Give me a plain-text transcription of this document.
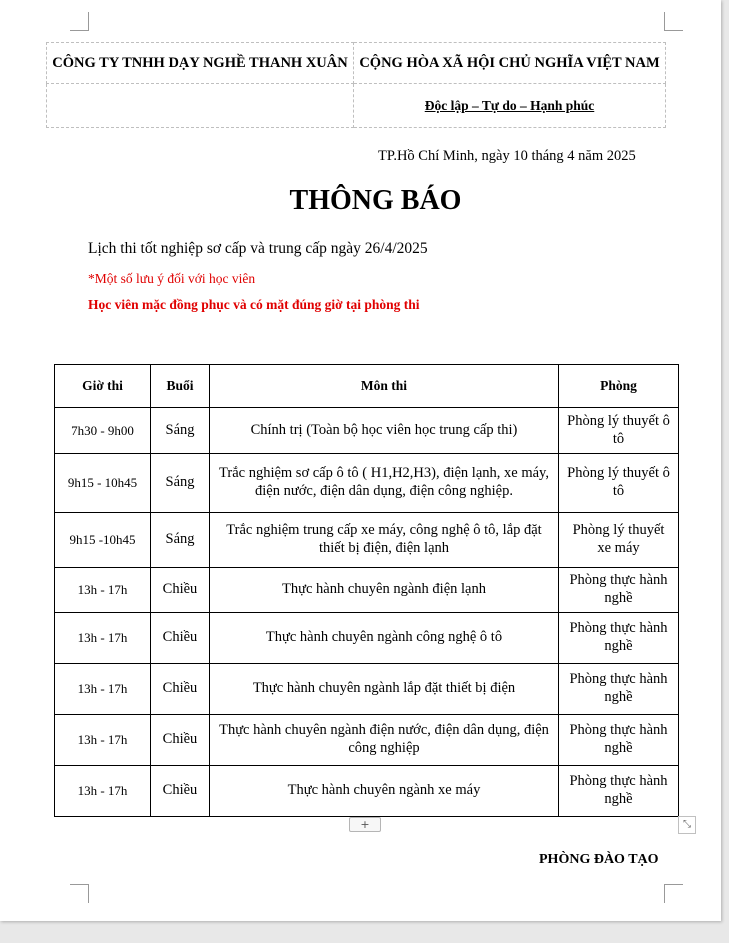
CÔNG TY TNHH DẠY NGHỀ THANH XUÂN	CỘNG HÒA XÃ HỘI CHỦ NGHĨA VIỆT NAM
	Độc lập – Tự do – Hạnh phúc
TP.Hồ Chí Minh, ngày 10 tháng 4 năm 2025
THÔNG BÁO
Lịch thi tốt nghiệp sơ cấp và trung cấp ngày 26/4/2025
*Một số lưu ý đối với học viên
Học viên mặc đồng phục và có mặt đúng giờ tại phòng thi
Giờ thi	Buổi	Môn thi	Phòng
7h30 - 9h00	Sáng	Chính trị (Toàn bộ học viên học trung cấp thi)	Phòng lý thuyết ô tô
9h15 - 10h45	Sáng	Trắc nghiệm sơ cấp ô tô ( H1,H2,H3), điện lạnh, xe máy, điện nước, điện dân dụng, điện công nghiệp.	Phòng lý thuyết ô tô
9h15 -10h45	Sáng	Trắc nghiệm trung cấp xe máy, công nghệ ô tô, lắp đặt thiết bị điện, điện lạnh	Phòng lý thuyết xe máy
13h - 17h	Chiều	Thực hành chuyên ngành điện lạnh	Phòng thực hành nghề
13h - 17h	Chiều	Thực hành chuyên ngành công nghệ ô tô	Phòng thực hành nghề
13h - 17h	Chiều	Thực hành chuyên ngành lắp đặt thiết bị điện	Phòng thực hành nghề
13h - 17h	Chiều	Thực hành chuyên ngành điện nước, điện dân dụng, điện công nghiệp	Phòng thực hành nghề
13h - 17h	Chiều	Thực hành chuyên ngành xe máy	Phòng thực hành nghề
+	⤡
PHÒNG ĐÀO TẠO
